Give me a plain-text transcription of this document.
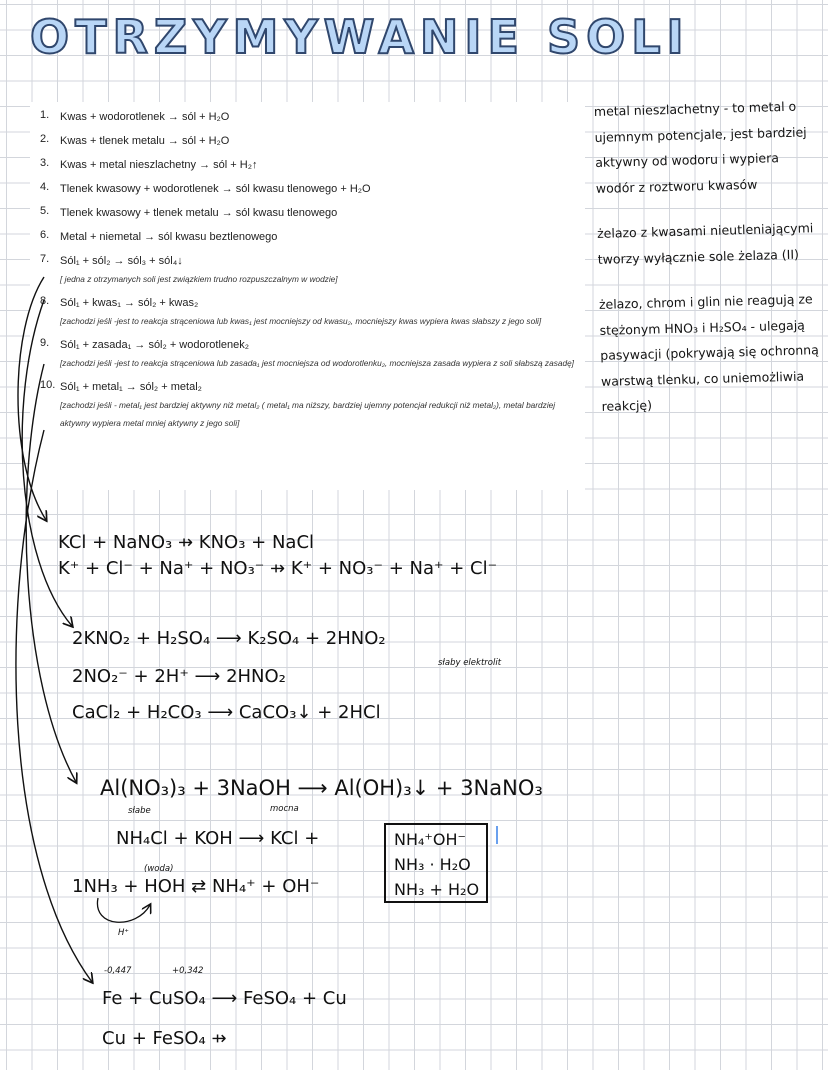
OTRZYMYWANIE SOLI
1. Kwas + wodorotlenek → sól + H₂O
2. Kwas + tlenek metalu → sól + H₂O
3. Kwas + metal nieszlachetny → sól + H₂↑
4. Tlenek kwasowy + wodorotlenek → sól kwasu tlenowego + H₂O
5. Tlenek kwasowy + tlenek metalu → sól kwasu tlenowego
6. Metal + niemetal → sól kwasu beztlenowego
7. Sól₁ + sól₂ → sól₃ + sól₄↓
[ jedna z otrzymanych soli jest związkiem trudno rozpuszczalnym w wodzie]
8. Sól₁ + kwas₁ → sól₂ + kwas₂
[zachodzi jeśli -jest to reakcja strąceniowa lub kwas₁ jest mocniejszy od kwasu₂, mocniejszy kwas wypiera kwas słabszy z jego soli]
9. Sól₁ + zasada₁ → sól₂ + wodorotlenek₂
[zachodzi jeśli -jest to reakcja strąceniowa lub zasada₁ jest mocniejsza od wodorotlenku₂, mocniejsza zasada wypiera z soli słabszą zasadę]
10. Sól₁ + metal₁ → sól₂ + metal₂
[zachodzi jeśli - metal₁ jest bardziej aktywny niż metal₂ ( metal₁ ma niższy, bardziej ujemny potencjał redukcji niż metal₂), metal bardziej aktywny wypiera metal mniej aktywny z jego soli]

metal nieszlachetny - to metal o ujemnym potencjale, jest bardziej aktywny od wodoru i wypiera wodór z roztworu kwasów

żelazo z kwasami nieutleniającymi tworzy wyłącznie sole żelaza (II)

żelazo, chrom i glin nie reagują ze stężonym HNO₃ i H₂SO₄ - ulegają pasywacji (pokrywają się ochronną warstwą tlenku, co uniemożliwia reakcję)

KCl + NaNO₃ ⇸ KNO₃ + NaCl
K⁺ + Cl⁻ + Na⁺ + NO₃⁻ ⇸ K⁺ + NO₃⁻ + Na⁺ + Cl⁻
2KNO₂ + H₂SO₄ ⟶ K₂SO₄ + 2HNO₂
słaby elektrolit
2NO₂⁻ + 2H⁺ ⟶ 2HNO₂
CaCl₂ + H₂CO₃ ⟶ CaCO₃↓ + 2HCl
Al(NO₃)₃ + 3NaOH ⟶ Al(OH)₃↓ + 3NaNO₃
słabe	mocna
NH₄Cl + KOH ⟶ KCl +	NH₄⁺OH⁻
NH₃ · H₂O
NH₃ + H₂O
(woda)
1NH₃ + HOH ⇄ NH₄⁺ + OH⁻
H⁺
-0,447	+0,342
Fe + CuSO₄ ⟶ FeSO₄ + Cu
Cu + FeSO₄ ⇸
